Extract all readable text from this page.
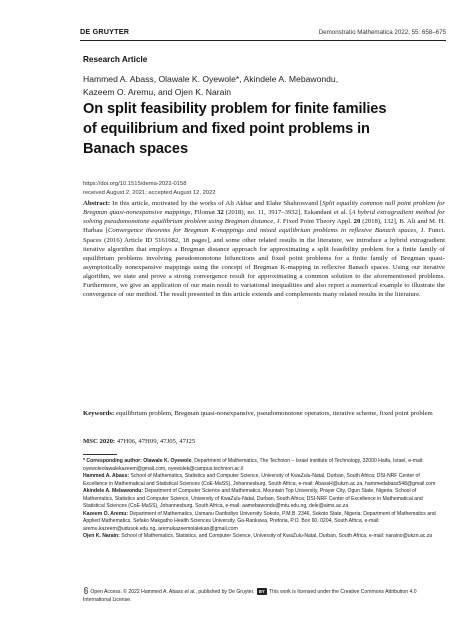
DE GRUYTER	Demonstratio Mathematica 2022; 55: 658–675
Research Article
Hammed A. Abass, Olawale K. Oyewole*, Akindele A. Mebawondu,
Kazeem O. Aremu, and Ojen K. Narain
On split feasibility problem for finite families
of equilibrium and fixed point problems in
Banach spaces
https://doi.org/10.1515/dema-2022-0158
received August 2, 2021; accepted August 12, 2022
Abstract: In this article, motivated by the works of Ali Akbar and Elahe Shahrosvand [Split equality common null point problem for Bregman quasi-nonexpansive mappings, Filomat 32 (2018), no. 11, 3917–3932], Eskandani et al. [A hybrid extragradient method for solving pseudomonotone equilibrium problem using Bregman distance, J. Fixed Point Theory Appl. 20 (2018), 132], B. Ali and M. H. Harbau [Convergence theorems for Bregman K-mappings and mixed equilibrium problems in reflexive Banach spaces, J. Funct. Spaces (2016) Article ID 5161682, 18 pages], and some other related results in the literature, we introduce a hybrid extragradient iterative algorithm that employs a Bregman distance approach for approximating a split feasibility problem for a finite family of equilibrium problems involving pseudomonotone bifunctions and fixed point problems for a finite family of Bregman quasi-asymptotically nonexpansive mappings using the concept of Bregman K-mapping in reflexive Banach spaces. Using our iterative algorithm, we state and prove a strong convergence result for approximating a common solution to the aforementioned problems. Furthermore, we give an application of our main result to variational inequalities and also report a numerical example to illustrate the convergence of our method. The result presented in this article extends and complements many related results in the literature.
Keywords: equilibrium problem, Bregman quasi-nonexpansive, pseudomonotone operators, iterative scheme, fixed point problem
MSC 2020: 47H06, 47H09, 47J05, 47J25

* Corresponding author: Olawale K. Oyewole, Department of Mathematics, The Technion – Israel Institute of Technology, 32000 Haifa, Israel, e-mail: oyewoleolawalekazeem@gmail.com, oyewolek@campus.technion.ac.il

Hammed A. Abass: School of Mathematics, Statistics and Computer Science, University of KwaZulu-Natal, Durban, South Africa; DSI-NRF Center of Excellence in Mathematical and Statistical Sciences (CoE-MaSS), Johannesburg, South Africa, e-mail: AbassH@ukzn.ac.za, hammedabass548@gmail.com

Akindele A. Mebawondu: Department of Computer Science and Mathematics, Mountain Top University, Prayer City, Ogun State, Nigeria; School of Mathematics, Statistics and Computer Science, University of KwaZulu-Natal, Durban, South Africa; DSI-NRF Center of Excellence in Mathematical and Statistical Sciences (CoE-MaSS), Johannesburg, South Africa, e-mail: aamebawondu@mtu.edu.ng, dele@aims.ac.za

Kazeem O. Aremu: Department of Mathematics, Usmanu Danfodiyo University Sokoto, P.M.B. 2346, Sokoto State, Nigeria; Department of Mathematics and Applied Mathematics, Sefako Makgatho Health Sciences University, Ga-Rankuwa, Pretoria, P.O. Box 60, 0204, South Africa, e-mail: aremu.kazeem@udusok.edu.ng, aremukazeemolalekan@gmail.com

Ojen K. Narain: School of Mathematics, Statistics, and Computer Science, University of KwaZulu-Natal, Durban, South Africa, e-mail: naraino@ukzn.ac.za

Open Access. © 2022 Hammed A. Abass et al., published by De Gruyter. BY This work is licensed under the Creative Commons Attribution 4.0 International License.
